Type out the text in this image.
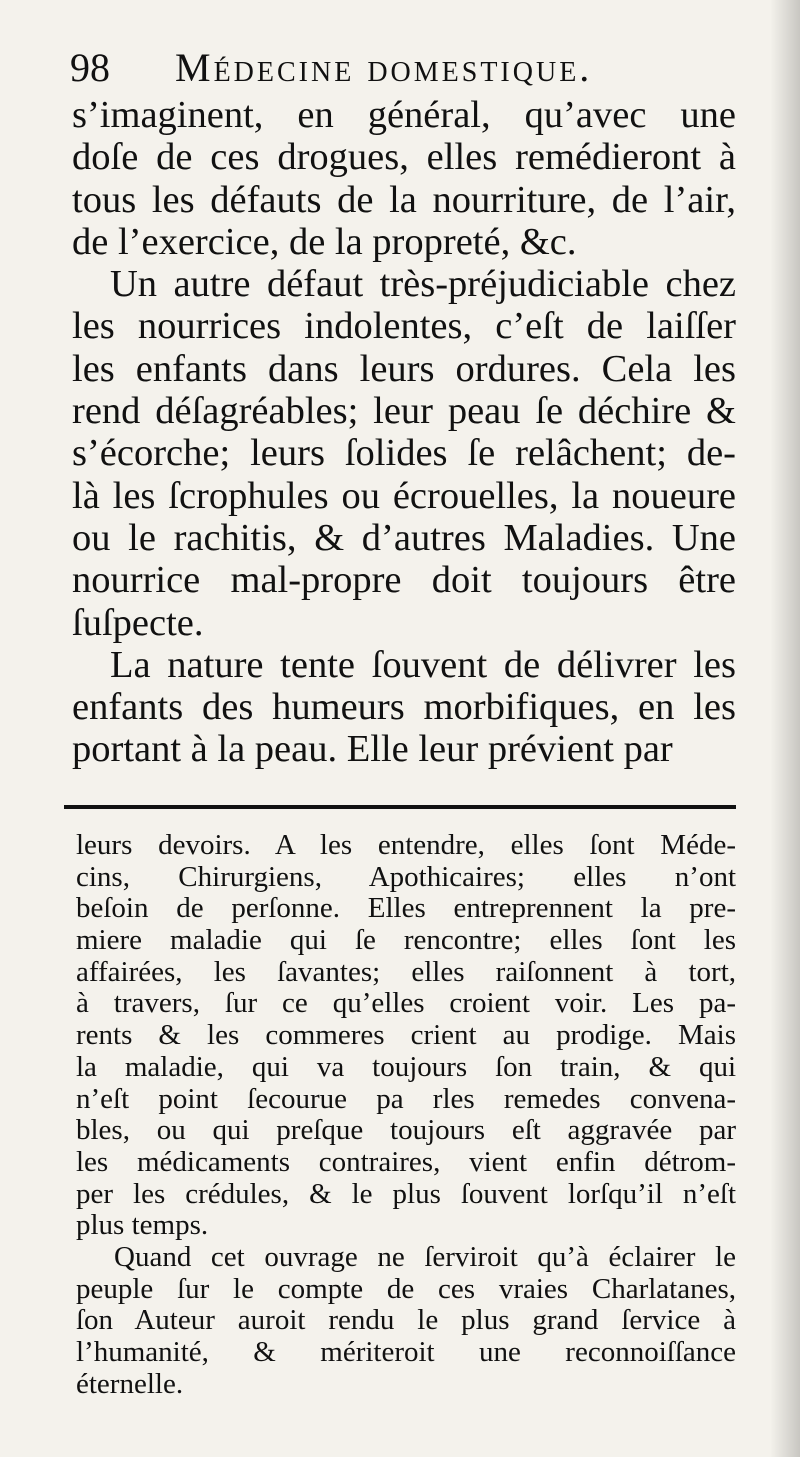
98 Médecine domestique.
s’imaginent, en général, qu’avec une
doſe de ces drogues, elles remédieront à
tous les défauts de la nourriture, de l’air,
de l’exercice, de la propreté, &c.
Un autre défaut très-préjudiciable chez
les nourrices indolentes, c’eſt de laiſſer
les enfants dans leurs ordures. Cela les
rend déſagréables; leur peau ſe déchire &
s’écorche; leurs ſolides ſe relâchent; de-
là les ſcrophules ou écrouelles, la noueure
ou le rachitis, & d’autres Maladies. Une
nourrice mal-propre doit toujours être
ſuſpecte.
La nature tente ſouvent de délivrer les
enfants des humeurs morbifiques, en les
portant à la peau. Elle leur prévient par
leurs devoirs. A les entendre, elles ſont Méde-
cins, Chirurgiens, Apothicaires; elles n’ont
beſoin de perſonne. Elles entreprennent la pre-
miere maladie qui ſe rencontre; elles ſont les
affairées, les ſavantes; elles raiſonnent à tort,
à travers, ſur ce qu’elles croient voir. Les pa-
rents & les commeres crient au prodige. Mais
la maladie, qui va toujours ſon train, & qui
n’eſt point ſecourue pa rles remedes convena-
bles, ou qui preſque toujours eſt aggravée par
les médicaments contraires, vient enfin détrom-
per les crédules, & le plus ſouvent lorſqu’il n’eſt
plus temps.
Quand cet ouvrage ne ſerviroit qu’à éclairer le
peuple ſur le compte de ces vraies Charlatanes,
ſon Auteur auroit rendu le plus grand ſervice à
l’humanité, & mériteroit une reconnoiſſance
éternelle.
